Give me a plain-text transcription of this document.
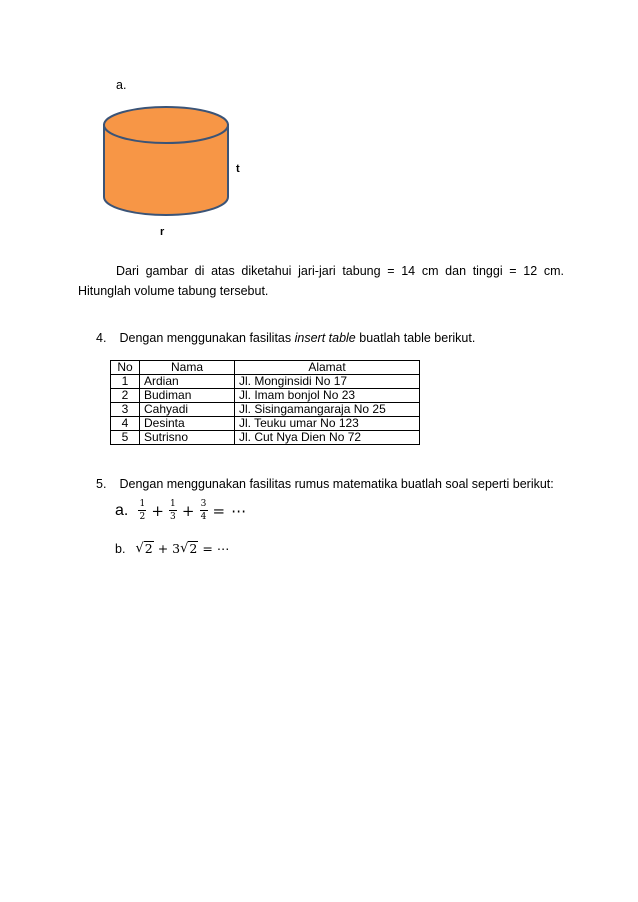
a.
t
r
Dari gambar di atas diketahui jari-jari tabung = 14 cm dan tinggi = 12 cm. Hitunglah volume tabung tersebut.
4. Dengan menggunakan fasilitas insert table buatlah table berikut.
No	Nama	Alamat
1	Ardian	Jl. Monginsidi No 17
2	Budiman	Jl. Imam bonjol No 23
3	Cahyadi	Jl. Sisingamangaraja No 25
4	Desinta	Jl. Teuku umar No 123
5	Sutrisno	Jl. Cut Nya Dien No 72
5. Dengan menggunakan fasilitas rumus matematika buatlah soal seperti berikut:
a. $\frac{1}{2} + \frac{1}{3} + \frac{3}{4}$ = ⋯
b. √ 2 + 3 √ 2 = ⋯
